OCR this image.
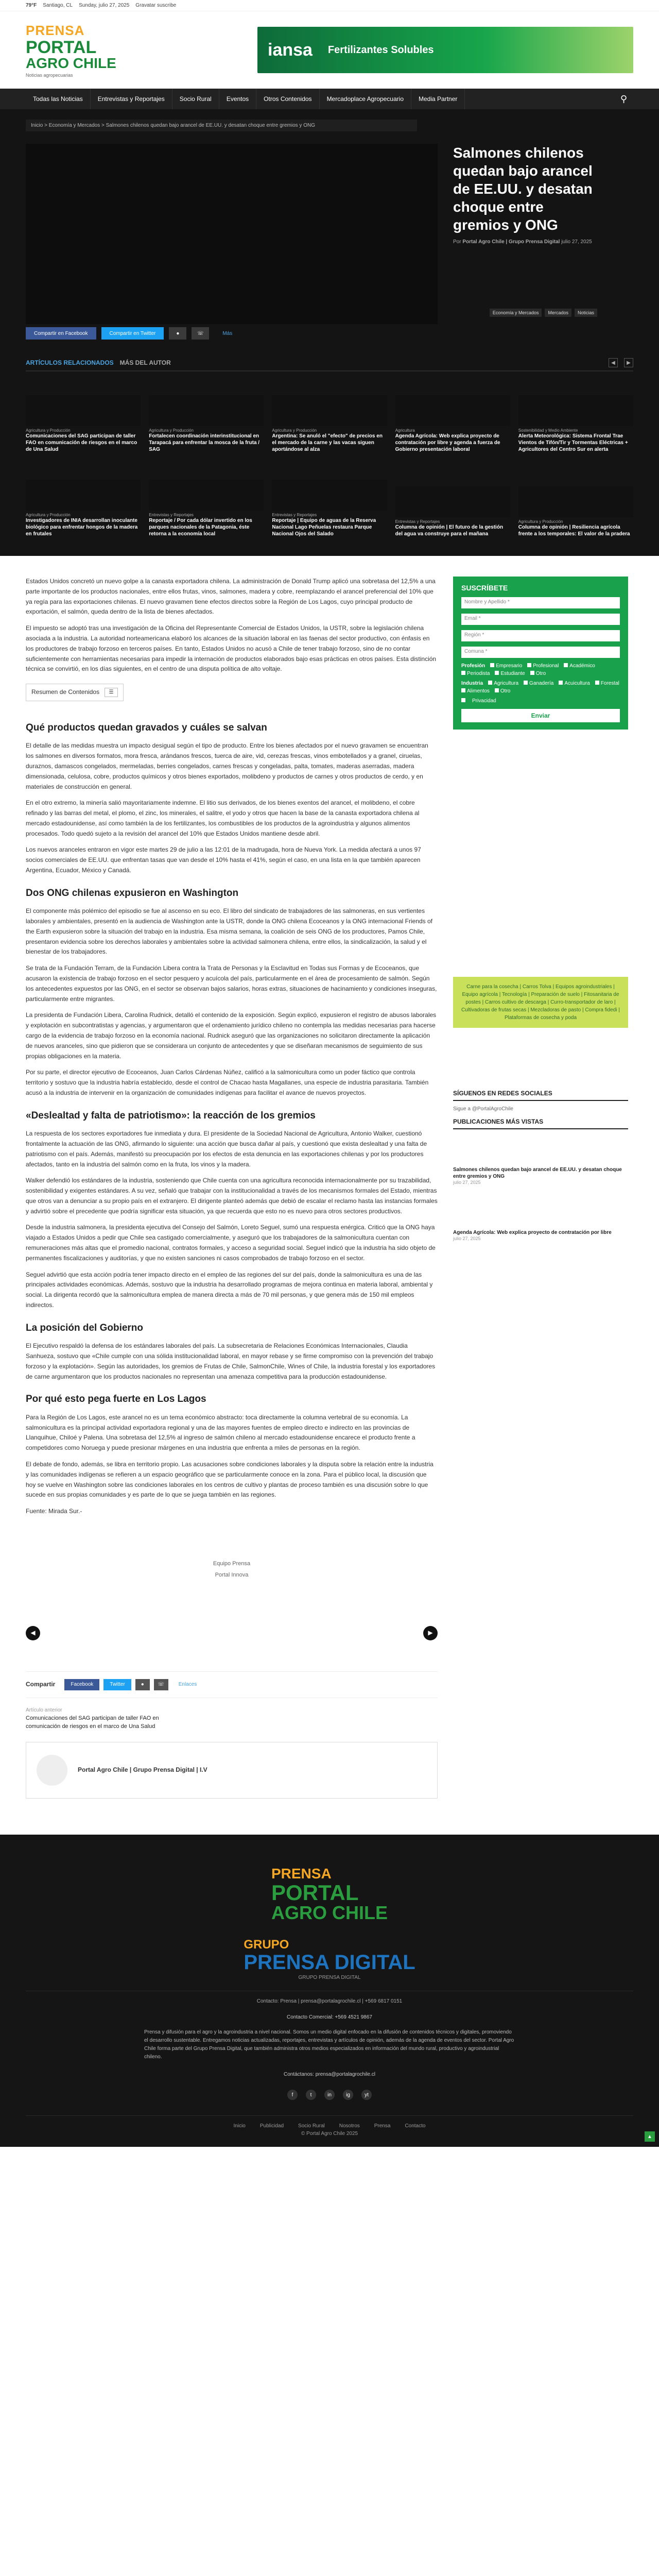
79°F Santiago, CL Sunday, julio 27, 2025 Gravatar suscribe
PRENSA
PORTAL
AGRO CHILE
Noticias agropecuarias
iansa Fertilizantes Solubles
Todas las Noticias	Entrevistas y Reportajes	Socio Rural	Eventos	Otros Contenidos	Mercadoplace Agropecuario	Media Partner	⚲
Inicio > Economía y Mercados > Salmones chilenos quedan bajo arancel de EE.UU. y desatan choque entre gremios y ONG
Salmones chilenos quedan bajo arancel de EE.UU. y desatan choque entre gremios y ONG
Por Portal Agro Chile | Grupo Prensa Digital julio 27, 2025
Economía y Mercados	Mercados	Noticias
Compartir en Facebook	Compartir en Twitter	●	☏	Más
ARTÍCULOS RELACIONADOS MÁS DEL AUTOR	◀	▶
Agricultura y Producción
Comunicaciones del SAG participan de taller FAO en comunicación de riesgos en el marco de Una Salud
Agricultura y Producción
Fortalecen coordinación interinstitucional en Tarapacá para enfrentar la mosca de la fruta / SAG
Agricultura y Producción
Argentina: Se anuló el "efecto" de precios en el mercado de la carne y las vacas siguen aportándose al alza
Agricultura
Agenda Agrícola: Web explica proyecto de contratación por libre y agenda a fuerza de Gobierno presentación laboral
Sostenibilidad y Medio Ambiente
Alerta Meteorológica: Sistema Frontal Trae Vientos de Tifón/Tir y Tormentas Eléctricas + Agricultores del Centro Sur en alerta
Agricultura y Producción
Investigadores de INIA desarrollan inoculante biológico para enfrentar hongos de la madera en frutales
Entrevistas y Reportajes
Reportaje / Por cada dólar invertido en los parques nacionales de la Patagonia, éste retorna a la economía local
Entrevistas y Reportajes
Reportaje | Equipo de aguas de la Reserva Nacional Lago Peñuelas restaura Parque Nacional Ojos del Salado
Entrevistas y Reportajes
Columna de opinión | El futuro de la gestión del agua va construye para el mañana
Agricultura y Producción
Columna de opinión | Resiliencia agrícola frente a los temporales: El valor de la pradera

Estados Unidos concretó un nuevo golpe a la canasta exportadora chilena. La administración de Donald Trump aplicó una sobretasa del 12,5% a una parte importante de los productos nacionales, entre ellos frutas, vinos, salmones, madera y cobre, reemplazando el arancel preferencial del 10% que ya regía para las exportaciones chilenas. El nuevo gravamen tiene efectos directos sobre la Región de Los Lagos, cuyo principal producto de exportación, el salmón, queda dentro de la lista de bienes afectados.

El impuesto se adoptó tras una investigación de la Oficina del Representante Comercial de Estados Unidos, la USTR, sobre la legislación chilena asociada a la industria. La autoridad norteamericana elaboró los alcances de la situación laboral en las faenas del sector productivo, con énfasis en los productores de trabajo forzoso en terceros países. En tanto, Estados Unidos no acusó a Chile de tener trabajo forzoso, sino de no contar suficientemente con herramientas necesarias para impedir la internación de productos elaborados bajo esas prácticas en otros países. Esta distinción técnica se convirtió, en los días siguientes, en el centro de una disputa política de alto voltaje.

Resumen de Contenidos	☰
Qué productos quedan gravados y cuáles se salvan

El detalle de las medidas muestra un impacto desigual según el tipo de producto. Entre los bienes afectados por el nuevo gravamen se encuentran los salmones en diversos formatos, mora fresca, arándanos frescos, tuerca de aire, vid, cerezas frescas, vinos embotellados y a granel, ciruelas, duraznos, damascos congelados, mermeladas, berries congelados, carnes frescas y congeladas, palta, tomates, maderas aserradas, madera dimensionada, celulosa, cobre, productos químicos y otros bienes exportados, molibdeno y productos de carnes y otros productos de cerdo, y en materiales de construcción en general.

En el otro extremo, la minería salió mayoritariamente indemne. El litio sus derivados, de los bienes exentos del arancel, el molibdeno, el cobre refinado y las barras del metal, el plomo, el zinc, los minerales, el salitre, el yodo y otros que hacen la base de la canasta exportadora chilena al mercado estadounidense, así como también la de los fertilizantes, los combustibles de los productos de la agroindustria y algunos alimentos procesados. Todo quedó sujeto a la revisión del arancel del 10% que Estados Unidos mantiene desde abril.

Los nuevos aranceles entraron en vigor este martes 29 de julio a las 12:01 de la madrugada, hora de Nueva York. La medida afectará a unos 97 socios comerciales de EE.UU. que enfrentan tasas que van desde el 10% hasta el 41%, según el caso, en una lista en la que también aparecen Argentina, Ecuador, México y Canadá.

Dos ONG chilenas expusieron en Washington

El componente más polémico del episodio se fue al ascenso en su eco. El libro del sindicato de trabajadores de las salmoneras, en sus vertientes laborales y ambientales, presentó en la audiencia de Washington ante la USTR, donde la ONG chilena Ecoceanos y la ONG internacional Friends of the Earth expusieron sobre la situación del trabajo en la industria. Esa misma semana, la coalición de seis ONG de los productores, Pamos Chile, presentaron evidencia sobre los derechos laborales y ambientales sobre la actividad salmonera chilena, entre ellos, la sindicalización, la salud y el bienestar de los trabajadores.

Se trata de la Fundación Terram, de la Fundación Libera contra la Trata de Personas y la Esclavitud en Todas sus Formas y de Ecoceanos, que acusaron la existencia de trabajo forzoso en el sector pesquero y acuícola del país, particularmente en el área de procesamiento de salmón. Según los antecedentes expuestos por las ONG, en el sector se observan bajos salarios, horas extras, situaciones de hacinamiento y condiciones inseguras, particularmente entre migrantes.

La presidenta de Fundación Libera, Carolina Rudnick, detalló el contenido de la exposición. Según explicó, expusieron el registro de abusos laborales y explotación en subcontratistas y agencias, y argumentaron que el ordenamiento jurídico chileno no contempla las medidas necesarias para hacerse cargo de la evidencia de trabajo forzoso en la economía nacional. Rudnick aseguró que las organizaciones no solicitaron directamente la aplicación de nuevos aranceles, sino que pidieron que se considerara un conjunto de antecedentes y que se diseñaran mecanismos de seguimiento de sus propias obligaciones en la materia.

Por su parte, el director ejecutivo de Ecoceanos, Juan Carlos Cárdenas Núñez, calificó a la salmonicultura como un poder fáctico que controla territorio y sostuvo que la industria habría establecido, desde el control de Chacao hasta Magallanes, una especie de industria parasitaria. También acusó a la industria de intervenir en la organización de comunidades indígenas para facilitar el avance de nuevos proyectos.

«Deslealtad y falta de patriotismo»: la reacción de los gremios

La respuesta de los sectores exportadores fue inmediata y dura. El presidente de la Sociedad Nacional de Agricultura, Antonio Walker, cuestionó frontalmente la actuación de las ONG, afirmando lo siguiente: una acción que busca dañar al país, y cuestionó que exista deslealtad y una falta de patriotismo con el país. Además, manifestó su preocupación por los efectos de esta denuncia en las exportaciones chilenas y por los productores afectados, tanto en la industria del salmón como en la fruta, los vinos y la madera.

Walker defendió los estándares de la industria, sosteniendo que Chile cuenta con una agricultura reconocida internacionalmente por su trazabilidad, sostenibilidad y exigentes estándares. A su vez, señaló que trabajar con la institucionalidad a través de los mecanismos formales del Estado, mientras que otros van a denunciar a su propio país en el extranjero. El dirigente planteó además que debió de escalar el reclamo hasta las instancias formales y advirtió sobre el precedente que podría significar esta situación, ya que recuerda que esto no es nuevo para otros sectores productivos.

Desde la industria salmonera, la presidenta ejecutiva del Consejo del Salmón, Loreto Seguel, sumó una respuesta enérgica. Criticó que la ONG haya viajado a Estados Unidos a pedir que Chile sea castigado comercialmente, y aseguró que los trabajadores de la salmonicultura cuentan con remuneraciones más altas que el promedio nacional, contratos formales, y acceso a seguridad social. Seguel indicó que la industria ha sido objeto de permanentes fiscalizaciones y auditorías, y que no existen sanciones ni casos comprobados de trabajo forzoso en el sector.

Seguel advirtió que esta acción podría tener impacto directo en el empleo de las regiones del sur del país, donde la salmonicultura es una de las principales actividades económicas. Además, sostuvo que la industria ha desarrollado programas de mejora continua en materia laboral, ambiental y social. La dirigenta recordó que la salmonicultura emplea de manera directa a más de 70 mil personas, y que genera más de 150 mil empleos indirectos.

La posición del Gobierno

El Ejecutivo respaldó la defensa de los estándares laborales del país. La subsecretaria de Relaciones Económicas Internacionales, Claudia Sanhueza, sostuvo que «Chile cumple con una sólida institucionalidad laboral, en mayor rebase y se firme compromiso con la prevención del trabajo forzoso y la explotación». Según las autoridades, los gremios de Frutas de Chile, SalmonChile, Wines of Chile, la industria forestal y los exportadores de carne argumentaron que los productos nacionales no representan una amenaza competitiva para la producción estadounidense.

Por qué esto pega fuerte en Los Lagos

Para la Región de Los Lagos, este arancel no es un tema económico abstracto: toca directamente la columna vertebral de su economía. La salmonicultura es la principal actividad exportadora regional y una de las mayores fuentes de empleo directo e indirecto en las provincias de Llanquihue, Chiloé y Palena. Una sobretasa del 12,5% al ingreso de salmón chileno al mercado estadounidense encarece el producto frente a competidores como Noruega y puede presionar márgenes en una industria que enfrenta a miles de personas en la región.

El debate de fondo, además, se libra en territorio propio. Las acusaciones sobre condiciones laborales y la disputa sobre la relación entre la industria y las comunidades indígenas se refieren a un espacio geográfico que se particularmente conoce en la zona. Para el público local, la discusión que hoy se vuelve en Washington sobre las condiciones laborales en los centros de cultivo y plantas de proceso también es una discusión sobre lo que sucede en sus propias comunidades y es parte de lo que se juega también en las regiones.

Fuente: Mirada Sur.-

Equipo Prensa
Portal Innova
◀	▶
Compartir	Facebook	Twitter	●	☏	Enlaces
Artículo anterior
Comunicaciones del SAG participan de taller FAO en comunicación de riesgos en el marco de Una Salud
Portal Agro Chile | Grupo Prensa Digital | I.V
SUSCRÍBETE
Nombre y Apellido *
Email *
Región *
Comuna *
Profesión	Empresario	Profesional	Académico
Periodista	Estudiante	Otro
Industria	Agricultura	Ganadería	Acuicultura	Forestal
Alimentos	Otro
Privacidad
Enviar
Carne para la cosecha | Carros Tolva | Equipos agroindustriales | Equipo agrícola | Tecnología | Preparación de suelo | Fitosanitaria de postes | Carros cultivo de descarga | Curro-transportador de laro | Cultivadoras de frutas secas | Mezcladoras de pasto | Compra fidedi | Plataformas de cosecha y poda
SÍGUENOS EN REDES SOCIALES
Sigue a @PortalAgroChile
PUBLICACIONES MÁS VISTAS
Salmones chilenos quedan bajo arancel de EE.UU. y desatan choque entre gremios y ONG
julio 27, 2025
Agenda Agrícola: Web explica proyecto de contratación por libre
julio 27, 2025
PRENSA
PORTAL
AGRO CHILE
GRUPO
PRENSA DIGITAL
GRUPO PRENSA DIGITAL
Contacto: Prensa | prensa@portalagrochile.cl | +569 6817 0151
Contacto Comercial: +569 4521 9867

Prensa y difusión para el agro y la agroindustria a nivel nacional. Somos un medio digital enfocado en la difusión de contenidos técnicos y digitales, promoviendo el desarrollo sustentable. Entregamos noticias actualizadas, reportajes, entrevistas y artículos de opinión, además de la agenda de eventos del sector. Portal Agro Chile forma parte del Grupo Prensa Digital, que también administra otros medios especializados en información del mundo rural, productivo y agroindustrial chileno.

Contáctanos: prensa@portalagrochile.cl
f	t	in	ig	yt
Inicio	Publicidad	Socio Rural	Nosotros	Prensa	Contacto
© Portal Agro Chile 2025	▲
